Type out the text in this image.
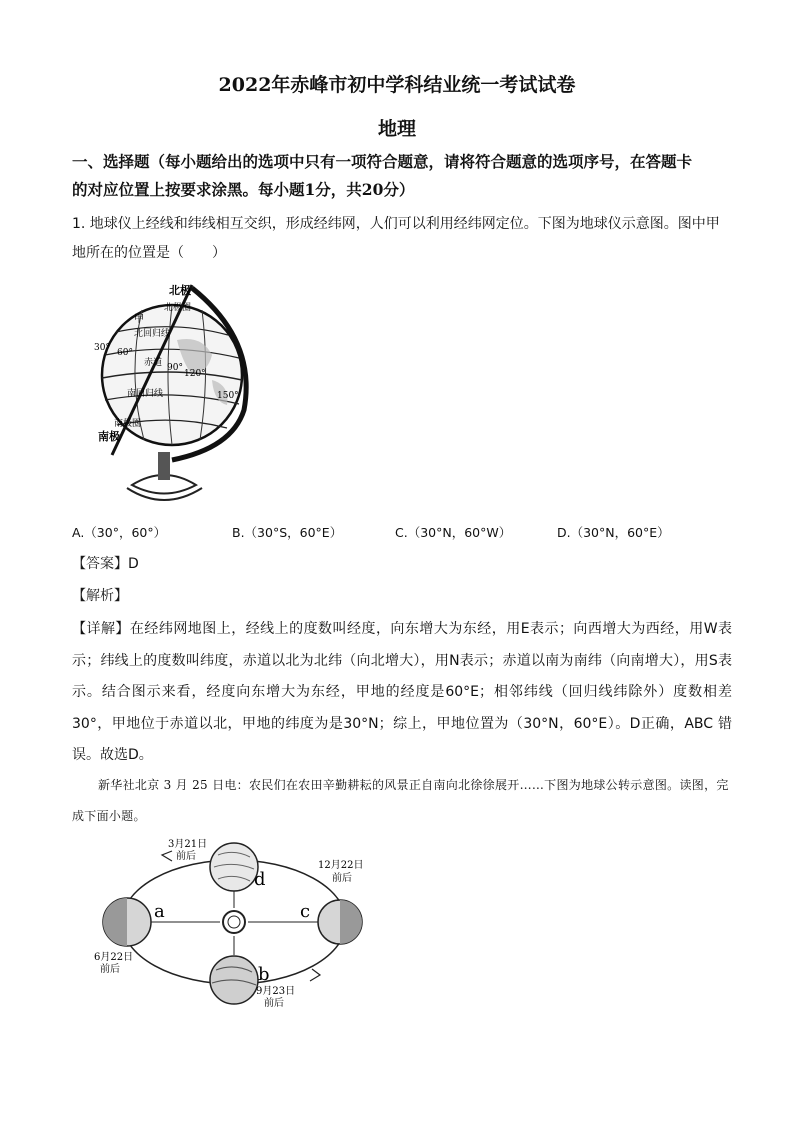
2022年赤峰市初中学科结业统一考试试卷
地理
一、选择题（每小题给出的选项中只有一项符合题意，请将符合题意的选项序号，在答题卡
的对应位置上按要求涂黑。每小题1分，共20分）
1. 地球仪上经线和纬线相互交织，形成经纬网，人们可以利用经纬网定位。下图为地球仪示意图。图中甲地所在的位置是（　　）
北极
北极圈
甲
北回归线
30° 60°
赤道 90°
120°
150°
南回归线
南极圈
南极
A.（30°，60°）	B.（30°S，60°E）	C.（30°N，60°W）	D.（30°N，60°E）
【答案】D
【解析】
【详解】在经纬网地图上，经线上的度数叫经度，向东增大为东经，用E表示；向西增大为西经，用W表示；纬线上的度数叫纬度，赤道以北为北纬（向北增大），用N表示；赤道以南为南纬（向南增大），用S表示。结合图示来看，经度向东增大为东经，甲地的经度是60°E；相邻纬线（回归线纬除外）度数相差30°，甲地位于赤道以北，甲地的纬度为是30°N；综上，甲地位置为（30°N，60°E）。D正确，ABC 错误。故选D。
新华社北京 3 月 25 日电：农民们在农田辛勤耕耘的风景正自南向北徐徐展开……下图为地球公转示意图。读图，完成下面小题。
a
b
c
d
3月21日
前后
12月22日
前后
6月22日
前后
9月23日
前后
